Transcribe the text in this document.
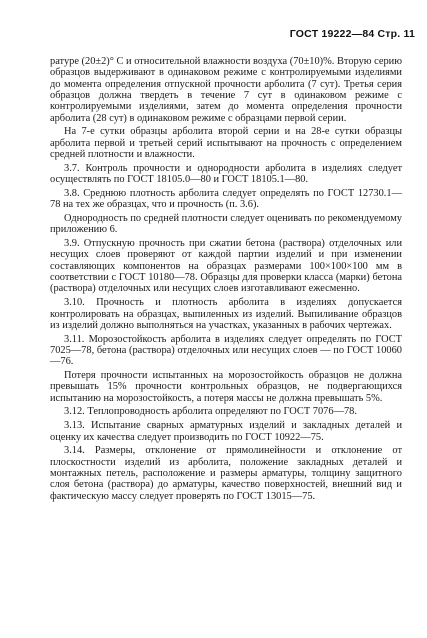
ГОСТ 19222—84 Стр. 11

ратуре (20±2)° С и относительной влажности воздуха (70±10)%. Вторую серию образцов выдерживают в одинаковом режиме с контролируемыми изделиями до момента определения отпускной прочности арболита (7 сут). Третья серия образцов должна твердеть в течение 7 сут в одинаковом режиме с контролируемыми изделиями, затем до момента определения прочности арболита (28 сут) в одинаковом режиме с образцами первой серии.

На 7-е сутки образцы арболита второй серии и на 28-е сутки образцы арболита первой и третьей серий испытывают на прочность с определением средней плотности и влажности.

3.7. Контроль прочности и однородности арболита в изделиях следует осуществлять по ГОСТ 18105.0—80 и ГОСТ 18105.1—80.

3.8. Среднюю плотность арболита следует определять по ГОСТ 12730.1—78 на тех же образцах, что и прочность (п. 3.6).

Однородность по средней плотности следует оценивать по рекомендуемому приложению 6.

3.9. Отпускную прочность при сжатии бетона (раствора) отделочных или несущих слоев проверяют от каждой партии изделий и при изменении составляющих компонентов на образцах размерами 100×100×100 мм в соответствии с ГОСТ 10180—78. Образцы для проверки класса (марки) бетона (раствора) отделочных или несущих слоев изготавливают ежесменно.

3.10. Прочность и плотность арболита в изделиях допускается контролировать на образцах, выпиленных из изделий. Выпиливание образцов из изделий должно выполняться на участках, указанных в рабочих чертежах.

3.11. Морозостойкость арболита в изделиях следует определять по ГОСТ 7025—78, бетона (раствора) отделочных или несущих слоев — по ГОСТ 10060—76.

Потеря прочности испытанных на морозостойкость образцов не должна превышать 15% прочности контрольных образцов, не подвергающихся испытанию на морозостойкость, а потеря массы не должна превышать 5%.

3.12. Теплопроводность арболита определяют по ГОСТ 7076—78.

3.13. Испытание сварных арматурных изделий и закладных деталей и оценку их качества следует производить по ГОСТ 10922—75.

3.14. Размеры, отклонение от прямолинейности и отклонение от плоскостности изделий из арболита, положение закладных деталей и монтажных петель, расположение и размеры арматуры, толщину защитного слоя бетона (раствора) до арматуры, качество поверхностей, внешний вид и фактическую массу следует проверять по ГОСТ 13015—75.
